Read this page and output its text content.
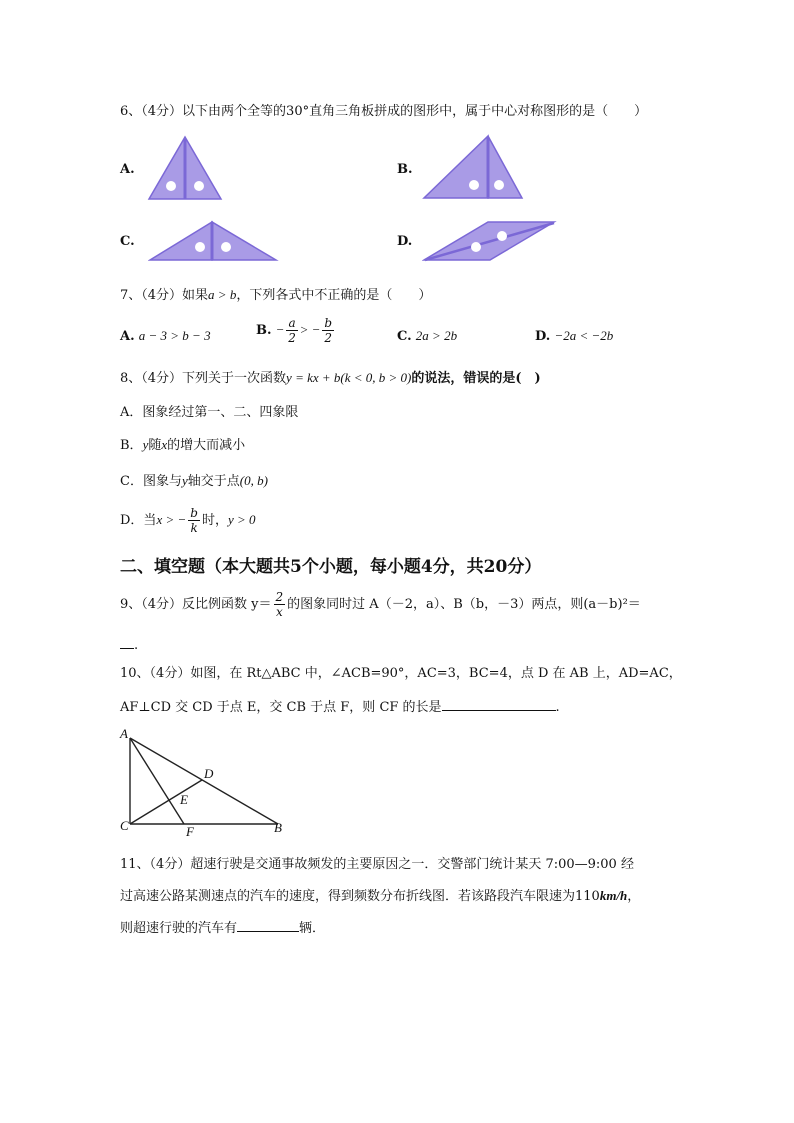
6、（4分）以下由两个全等的30°直角三角板拼成的图形中，属于中心对称图形的是（　　）
A.	B.
C.	D.
7、（4分）如果a > b，下列各式中不正确的是（　　）
A. a − 3 > b − 3	B. − $\frac{a}{2}$ > − $\frac{b}{2}$	C. 2a > 2b	D. −2a < −2b
8、（4分）下列关于一次函数y = kx + b(k < 0, b > 0)的说法，错误的是(　)
A．图象经过第一、二、四象限
B．y随x的增大而减小
C．图象与y轴交于点(0, b)
D．当x > − $\frac{b}{k}$ 时，y > 0
二、填空题（本大题共5个小题，每小题4分，共20分）
9、（4分）反比例函数 $y= \frac{2}{x}$ 的图象同时过 A（－2，a）、B（b，－3）两点，则(a－b)²＝
.
10、（4分）如图，在 Rt△ABC 中，∠ACB=90°，AC=3，BC=4，点 D 在 AB 上，AD=AC，
AF⊥CD 交 CD 于点 E，交 CB 于点 F，则 CF 的长是	.
A
C	B
D
E
F
11、（4分）超速行驶是交通事故频发的主要原因之一．交警部门统计某天 7:00—9:00 经
过高速公路某测速点的汽车的速度，得到频数分布折线图．若该路段汽车限速为110km/h，
则超速行驶的汽车有	辆．
